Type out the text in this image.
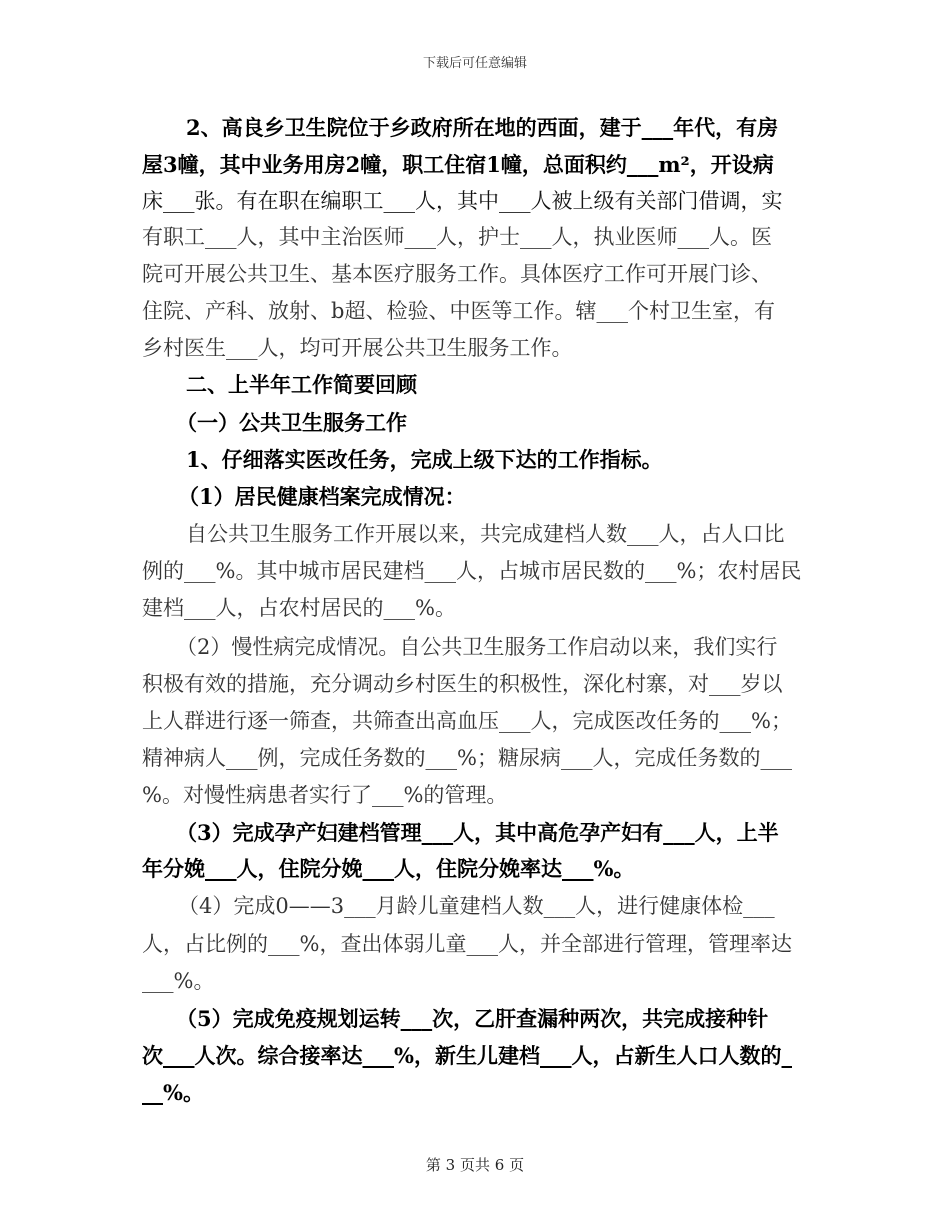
下载后可任意编辑
2、高良乡卫生院位于乡政府所在地的西面，建于___年代，有房
屋3幢，其中业务用房2幢，职工住宿1幢，总面积约___m²，开设病
床___张。有在职在编职工___人，其中___人被上级有关部门借调，实
有职工___人，其中主治医师___人，护士___人，执业医师___人。医
院可开展公共卫生、基本医疗服务工作。具体医疗工作可开展门诊、
住院、产科、放射、b超、检验、中医等工作。辖___个村卫生室，有
乡村医生___人，均可开展公共卫生服务工作。
二、上半年工作简要回顾
（一）公共卫生服务工作
1、仔细落实医改任务，完成上级下达的工作指标。
（1）居民健康档案完成情况：
自公共卫生服务工作开展以来，共完成建档人数___人，占人口比
例的___%。其中城市居民建档___人，占城市居民数的___%；农村居民
建档___人，占农村居民的___%。
（2）慢性病完成情况。自公共卫生服务工作启动以来，我们实行
积极有效的措施，充分调动乡村医生的积极性，深化村寨，对___岁以
上人群进行逐一筛查，共筛查出高血压___人，完成医改任务的___%；
精神病人___例，完成任务数的___%；糖尿病___人，完成任务数的___
%。对慢性病患者实行了___%的管理。
（3）完成孕产妇建档管理___人，其中高危孕产妇有___人，上半
年分娩___人，住院分娩___人，住院分娩率达___%。
（4）完成0——3___月龄儿童建档人数___人，进行健康体检___
人，占比例的___%，查出体弱儿童___人，并全部进行管理，管理率达
___%。
（5）完成免疫规划运转___次，乙肝查漏种两次，共完成接种针
次___人次。综合接率达___%，新生儿建档___人，占新生人口人数的_
__%。
第 3 页共 6 页
